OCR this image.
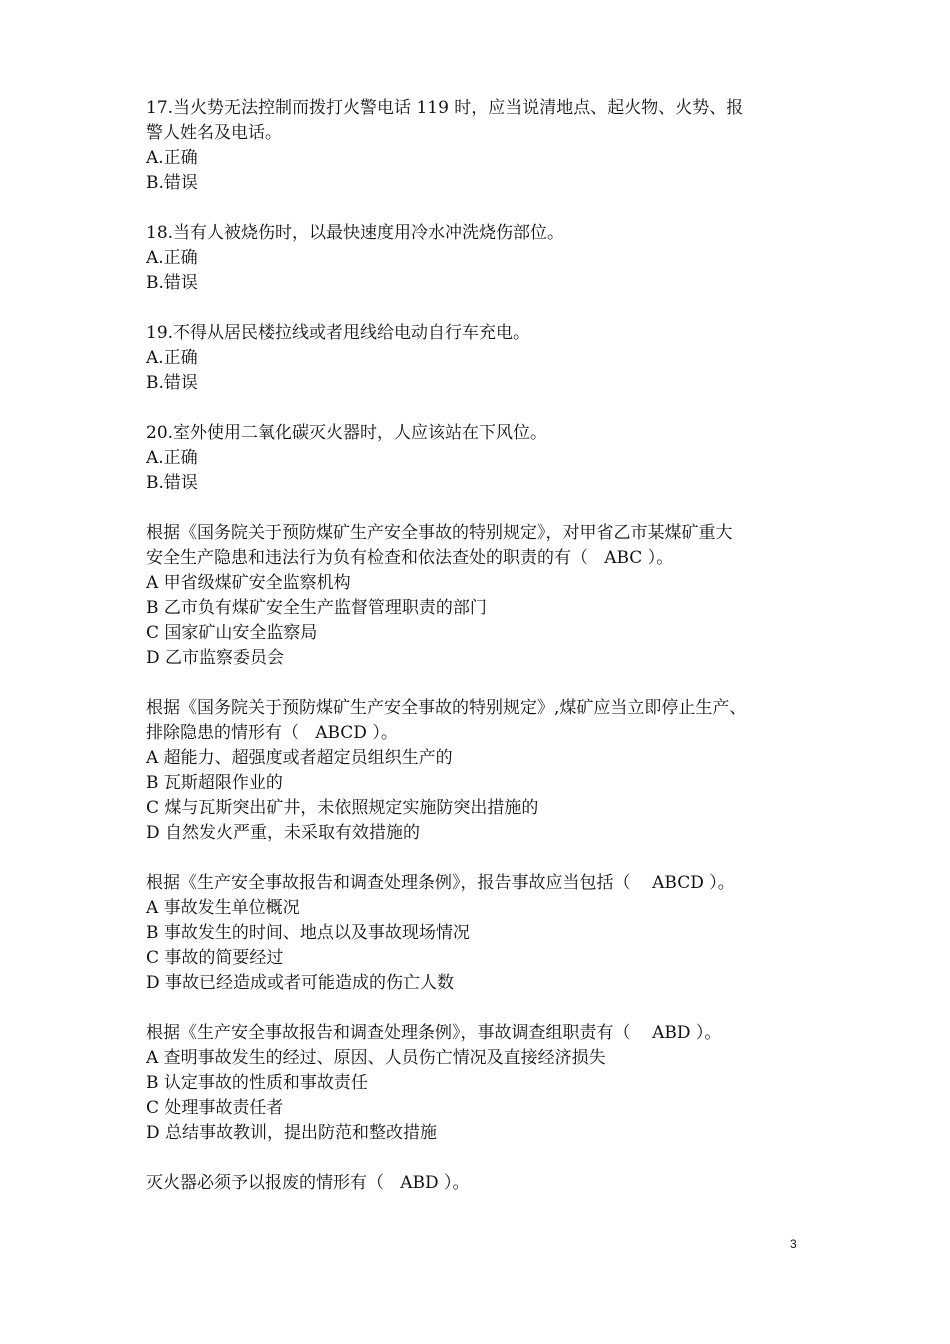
17.当火势无法控制而拨打火警电话 119 时，应当说清地点、起火物、火势、报
警人姓名及电话。
A.正确
B.错误
18.当有人被烧伤时，以最快速度用冷水冲洗烧伤部位。
A.正确
B.错误
19.不得从居民楼拉线或者甩线给电动自行车充电。
A.正确
B.错误
20.室外使用二氧化碳灭火器时，人应该站在下风位。
A.正确
B.错误
根据《国务院关于预防煤矿生产安全事故的特别规定》，对甲省乙市某煤矿重大
安全生产隐患和违法行为负有检查和依法查处的职责的有（   ABC ）。
A 甲省级煤矿安全监察机构
B 乙市负有煤矿安全生产监督管理职责的部门
C 国家矿山安全监察局
D 乙市监察委员会
根据《国务院关于预防煤矿生产安全事故的特别规定》,煤矿应当立即停止生产、
排除隐患的情形有（   ABCD ）。
A 超能力、超强度或者超定员组织生产的
B 瓦斯超限作业的
C 煤与瓦斯突出矿井，未依照规定实施防突出措施的
D 自然发火严重，未采取有效措施的
根据《生产安全事故报告和调查处理条例》，报告事故应当包括（    ABCD ）。
A 事故发生单位概况
B 事故发生的时间、地点以及事故现场情况
C 事故的简要经过
D 事故已经造成或者可能造成的伤亡人数
根据《生产安全事故报告和调查处理条例》，事故调查组职责有（    ABD ）。
A 查明事故发生的经过、原因、人员伤亡情况及直接经济损失
B 认定事故的性质和事故责任
C 处理事故责任者
D 总结事故教训，提出防范和整改措施
灭火器必须予以报废的情形有（   ABD ）。
3
